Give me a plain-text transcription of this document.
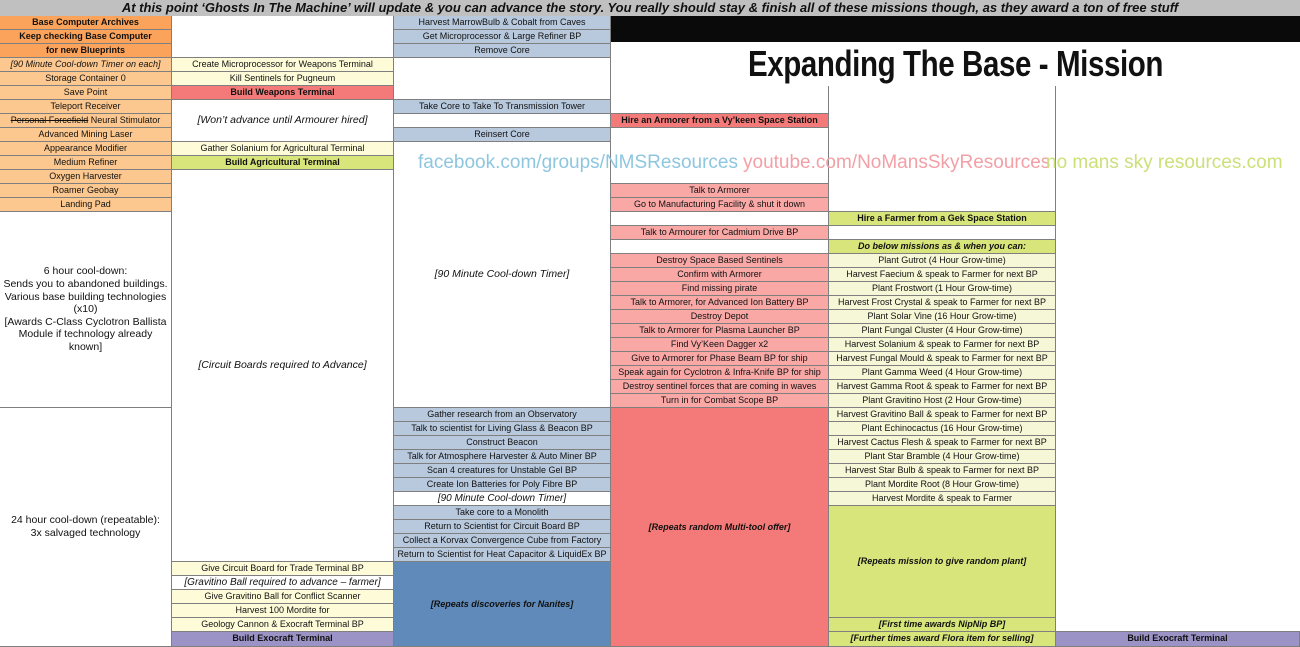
At this point ‘Ghosts In The Machine’ will update & you can advance the story. You really should stay & finish all of these missions though, as they award a ton of free stuff
Expanding The Base - Mission
Base Computer Archives
Keep checking Base Computer
for new Blueprints
[90 Minute Cool-down Timer on each]
Storage Container 0
Save Point
Teleport Receiver
Personal Forcefield Neural Stimulator
Advanced Mining Laser
Appearance Modifier
Medium Refiner
Oxygen Harvester
Roamer Geobay
Landing Pad
6 hour cool-down:
Sends you to abandoned buildings.
Various base building technologies
(x10)
[Awards C-Class Cyclotron Ballista
Module if technology already
known]
24 hour cool-down (repeatable):
3x salvaged technology
Create Microprocessor for Weapons Terminal
Kill Sentinels for Pugneum
Build Weapons Terminal
[Won’t advance until Armourer hired]
Gather Solanium for Agricultural Terminal
Build Agricultural Terminal
[Circuit Boards required to Advance]
Give Circuit Board for Trade Terminal BP
[Gravitino Ball required to advance – farmer]
Give Gravitino Ball for Conflict Scanner
Harvest 100 Mordite for
Geology Cannon & Exocraft Terminal BP
Build Exocraft Terminal
Harvest MarrowBulb & Cobalt from Caves
Get Microprocessor & Large Refiner BP
Remove Core
Take Core to Take To Transmission Tower
Reinsert Core
[90 Minute Cool-down Timer]
Gather research from an Observatory
Talk to scientist for Living Glass & Beacon BP
Construct Beacon
Talk for Atmosphere Harvester & Auto Miner BP
Scan 4 creatures for Unstable Gel BP
Create Ion Batteries for Poly Fibre BP
[90 Minute Cool-down Timer]
Take core to a Monolith
Return to Scientist for Circuit Board BP
Collect a Korvax Convergence Cube from Factory
Return to Scientist for Heat Capacitor & LiquidEx BP
[Repeats discoveries for Nanites]
Hire an Armorer from a Vy’keen Space Station
Talk to Armorer
Go to Manufacturing Facility & shut it down
Talk to Armourer for Cadmium Drive BP
Destroy Space Based Sentinels
Confirm with Armorer
Find missing pirate
Talk to Armorer, for Advanced Ion Battery BP
Destroy Depot
Talk to Armorer for Plasma Launcher BP
Find Vy’Keen Dagger x2
Give to Armorer for Phase Beam BP for ship
Speak again for Cyclotron & Infra-Knife BP for ship
Destroy sentinel forces that are coming in waves
Turn in for Combat Scope BP
[Repeats random Multi-tool offer]
Hire a Farmer from a Gek Space Station
Do below missions as & when you can:
Plant Gutrot (4 Hour Grow-time)
Harvest Faecium & speak to Farmer for next BP
Plant Frostwort (1 Hour Grow-time)
Harvest Frost Crystal & speak to Farmer for next BP
Plant Solar Vine (16 Hour Grow-time)
Plant Fungal Cluster (4 Hour Grow-time)
Harvest Solanium & speak to Farmer for next BP
Harvest Fungal Mould & speak to Farmer for next BP
Plant Gamma Weed (4 Hour Grow-time)
Harvest Gamma Root & speak to Farmer for next BP
Plant Gravitino Host (2 Hour Grow-time)
Harvest Gravitino Ball & speak to Farmer for next BP
Plant Echinocactus (16 Hour Grow-time)
Harvest Cactus Flesh & speak to Farmer for next BP
Plant Star Bramble (4 Hour Grow-time)
Harvest Star Bulb & speak to Farmer for next BP
Plant Mordite Root (8 Hour Grow-time)
Harvest Mordite & speak to Farmer
[Repeats mission to give random plant]
[First time awards NipNip BP]
[Further times award Flora item for selling]	Build Exocraft Terminal
facebook.com/groups/NMSResources youtube.com/NoMansSkyResources
no mans sky resources.com
